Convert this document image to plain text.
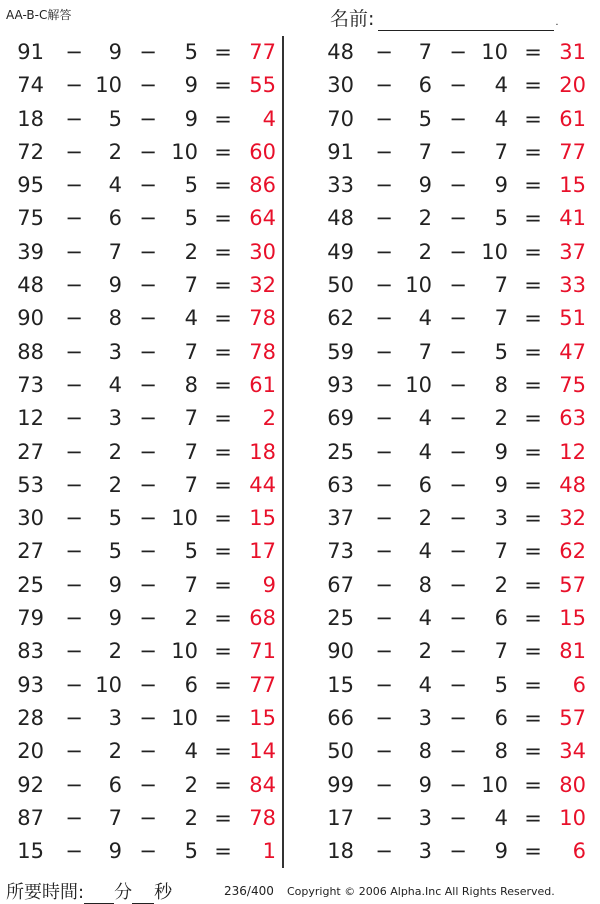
AA-B-C解答	名前:	.
91 −	9 −	5 = 77
74 − 10 −	9 = 55
18 −	5 −	9 =	4
72 −	2 − 10 = 60
95 −	4 −	5 = 86
75 −	6 −	5 = 64
39 −	7 −	2 = 30
48 −	9 −	7 = 32
90 −	8 −	4 = 78
88 −	3 −	7 = 78
73 −	4 −	8 = 61
12 −	3 −	7 =	2
27 −	2 −	7 = 18
53 −	2 −	7 = 44
30 −	5 − 10 = 15
27 −	5 −	5 = 17
25 −	9 −	7 =	9
79 −	9 −	2 = 68
83 −	2 − 10 = 71
93 − 10 −	6 = 77
28 −	3 − 10 = 15
20 −	2 −	4 = 14
92 −	6 −	2 = 84
87 −	7 −	2 = 78
15 −	9 −	5 =	1
48 −	7 − 10 = 31
30 −	6 −	4 = 20
70 −	5 −	4 = 61
91 −	7 −	7 = 77
33 −	9 −	9 = 15
48 −	2 −	5 = 41
49 −	2 − 10 = 37
50 − 10 −	7 = 33
62 −	4 −	7 = 51
59 −	7 −	5 = 47
93 − 10 −	8 = 75
69 −	4 −	2 = 63
25 −	4 −	9 = 12
63 −	6 −	9 = 48
37 −	2 −	3 = 32
73 −	4 −	7 = 62
67 −	8 −	2 = 57
25 −	4 −	6 = 15
90 −	2 −	7 = 81
15 −	4 −	5 =	6
66 −	3 −	6 = 57
50 −	8 −	8 = 34
99 −	9 − 10 = 80
17 −	3 −	4 = 10
18 −	3 −	9 =	6
所要時間: 分 秒	236/400 Copyright © 2006 Alpha.Inc All Rights Reserved.
